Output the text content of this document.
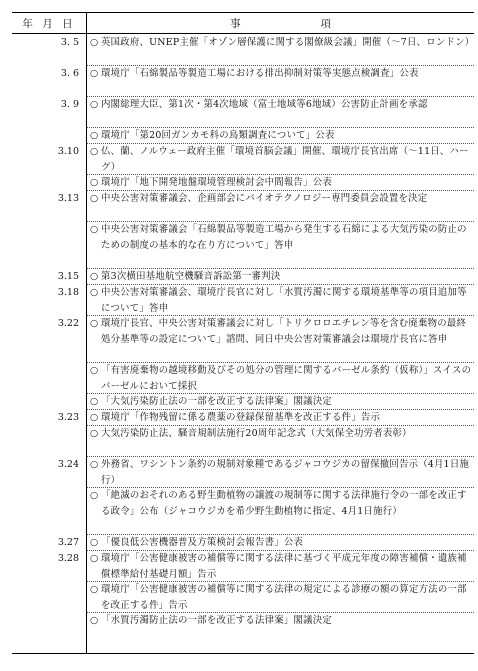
年 月 日	事	項
3. 5 ○ 英国政府、UNEP主催「オゾン層保護に関する閣僚級会議」開催（〜7日、ロンドン）
3. 6 ○ 環境庁「石綿製品等製造工場における排出抑制対策等実態点検調査」公表
3. 9 ○ 内閣総理大臣、第1次・第4次地域（富士地域等6地域）公害防止計画を承認
○ 環境庁「第20回ガンカモ科の鳥類調査について」公表
3.10 ○ 仏、蘭、ノルウェー政府主催「環境首脳会議」開催、環境庁長官出席（〜11日、ハーグ）
○ 環境庁「地下開発地盤環境管理検討会中間報告」公表
3.13 ○ 中央公害対策審議会、企画部会にバイオテクノロジー専門委員会設置を決定
○ 中央公害対策審議会「石綿製品等製造工場から発生する石綿による大気汚染の防止のための制度の基本的な在り方について」答申
3.15 ○ 第3次横田基地航空機騒音訴訟第一審判決
3.18 ○ 中央公害対策審議会、環境庁長官に対し「水質汚濁に関する環境基準等の項目追加等について」答申
3.22 ○ 環境庁長官、中央公害対策審議会に対し「トリクロロエチレン等を含む廃棄物の最終処分基準等の設定について」諮問、同日中央公害対策審議会は環境庁長官に答申
○ 「有害廃棄物の越境移動及びその処分の管理に関するバーゼル条約（仮称）」スイスのバーゼルにおいて採択
○ 「大気汚染防止法の一部を改正する法律案」閣議決定
3.23 ○ 環境庁「作物残留に係る農薬の登録保留基準を改正する件」告示
○ 大気汚染防止法、騒音規制法施行20周年記念式（大気保全功労者表彰）
3.24 ○ 外務省、ワシントン条約の規制対象種であるジャコウジカの留保撤回告示（4月1日施行）
○ 「絶滅のおそれのある野生動植物の譲渡の規制等に関する法律施行令の一部を改正する政令」公布（ジャコウジカを希少野生動植物に指定、4月1日施行）
3.27 ○ 「優良低公害機器普及方策検討会報告書」公表
3.28 ○ 環境庁「公害健康被害の補償等に関する法律に基づく平成元年度の障害補償・遺族補償標準給付基礎月額」告示
○ 環境庁「公害健康被害の補償等に関する法律の規定による診療の額の算定方法の一部を改正する件」告示
○ 「水質汚濁防止法の一部を改正する法律案」閣議決定
